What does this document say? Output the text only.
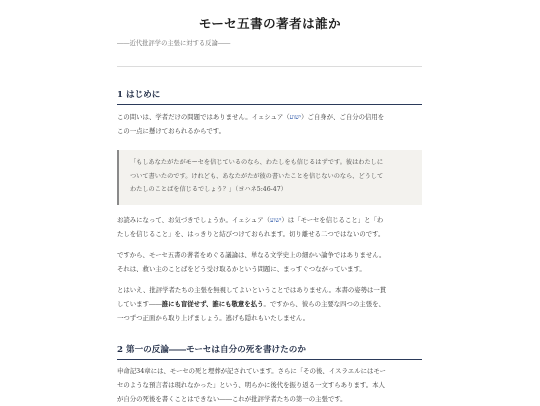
モーセ五書の著者は誰か
――近代批評学の主張に対する反論――
1 はじめに
この問いは、学者だけの問題ではありません。イェシュア（ישוע）ご自身が、ご自分の信用を
この一点に懸けておられるからです。
「もしあなたがたがモーセを信じているのなら、わたしをも信じるはずです。彼はわたしに
ついて書いたのです。けれども、あなたがたが彼の書いたことを信じないのなら、どうして
わたしのことばを信じるでしょう？」（ヨハネ5:46-47）
お読みになって、お気づきでしょうか。イェシュア（ישוע）は「モーセを信じること」と「わ
たしを信じること」を、はっきりと結びつけておられます。切り離せる二つではないのです。
ですから、モーセ五書の著者をめぐる議論は、単なる文学史上の細かい論争ではありません。
それは、救い主のことばをどう受け取るかという問題に、まっすぐつながっています。
とはいえ、批評学者たちの主張を無視してよいということではありません。本書の姿勢は一貫
しています――誰にも盲従せず、誰にも敬意を払う。ですから、彼らの主要な四つの主張を、
一つずつ正面から取り上げましょう。逃げも隠れもいたしません。
2 第一の反論――モーセは自分の死を書けたのか
申命記34章には、モーセの死と埋葬が記されています。さらに「その後、イスラエルにはモー
セのような預言者は現れなかった」という、明らかに後代を振り返る一文すらあります。本人
が自分の死後を書くことはできない――これが批評学者たちの第一の主張です。
